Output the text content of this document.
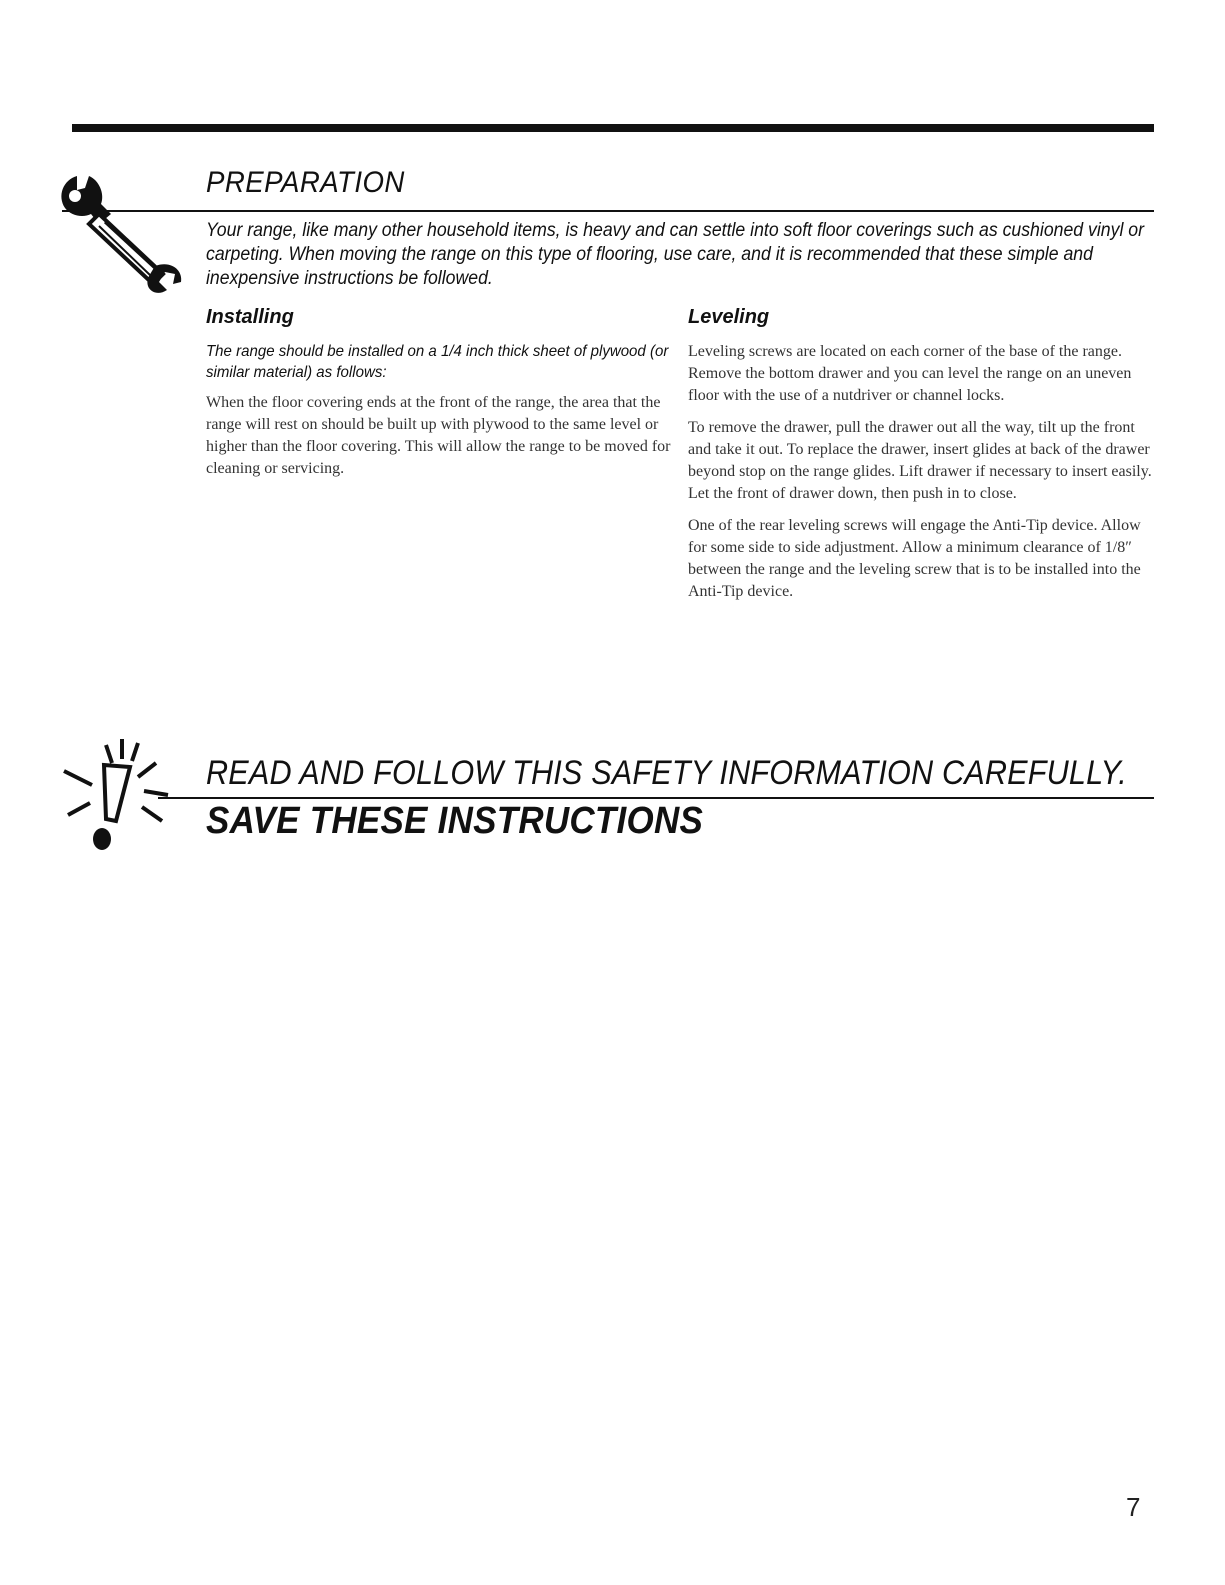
PREPARATION
Your range, like many other household items, is heavy and can settle into soft floor coverings such as cushioned vinyl or carpeting. When moving the range on this type of flooring, use care, and it is recommended that these simple and inexpensive instructions be followed.
Installing
The range should be installed on a 1/4 inch thick sheet of plywood (or similar material) as follows:
When the floor covering ends at the front of the range, the area that the range will rest on should be built up with plywood to the same level or higher than the floor covering. This will allow the range to be moved for cleaning or servicing.
Leveling
Leveling screws are located on each corner of the base of the range. Remove the bottom drawer and you can level the range on an uneven floor with the use of a nutdriver or channel locks.
To remove the drawer, pull the drawer out all the way, tilt up the front and take it out. To replace the drawer, insert glides at back of the drawer beyond stop on the range glides. Lift drawer if necessary to insert easily. Let the front of drawer down, then push in to close.
One of the rear leveling screws will engage the Anti-Tip device. Allow for some side to side adjustment. Allow a minimum clearance of 1/8″ between the range and the leveling screw that is to be installed into the Anti-Tip device.
READ AND FOLLOW THIS SAFETY INFORMATION CAREFULLY.
SAVE THESE INSTRUCTIONS
7
